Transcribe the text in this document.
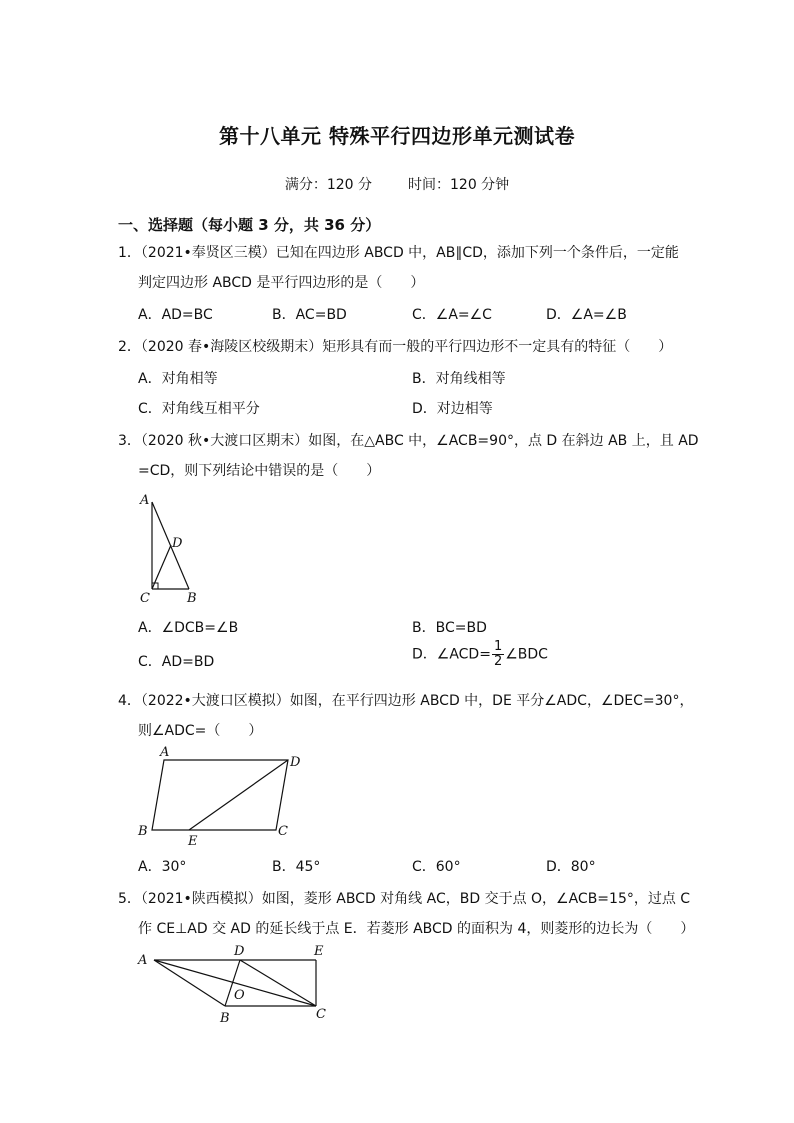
第十八单元 特殊平行四边形单元测试卷
满分：120 分	时间：120 分钟
一、选择题（每小题 3 分，共 36 分）
1．（2021•奉贤区三模）已知在四边形 ABCD 中，AB∥CD，添加下列一个条件后，一定能
判定四边形 ABCD 是平行四边形的是（　　）
A．AD=BC	B．AC=BD	C．∠A=∠C	D．∠A=∠B
2．（2020 春•海陵区校级期末）矩形具有而一般的平行四边形不一定具有的特征（　　）
A．对角相等	B．对角线相等
C．对角线互相平分	D．对边相等
3．（2020 秋•大渡口区期末）如图，在△ABC 中，∠ACB=90°，点 D 在斜边 AB 上，且 AD
=CD，则下列结论中错误的是（　　）
A
D
C	B
A．∠DCB=∠B	B．BC=BD
C．AD=BD	D．∠ACD= $\frac{1}{2}$ ∠BDC
4．（2022•大渡口区模拟）如图，在平行四边形 ABCD 中，DE 平分∠ADC，∠DEC=30°，
则∠ADC=（　　）
A
D
B
E
C
A．30°	B．45°	C．60°	D．80°
5．（2021•陕西模拟）如图，菱形 ABCD 对角线 AC，BD 交于点 O，∠ACB=15°，过点 C
作 CE⊥AD 交 AD 的延长线于点 E．若菱形 ABCD 的面积为 4，则菱形的边长为（　　）
A
D	E
O
B	C
